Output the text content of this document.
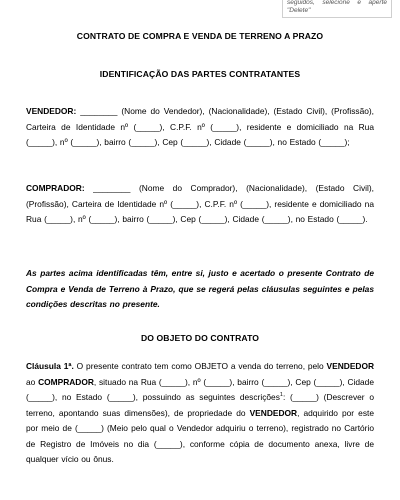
seguidos, selecione e aperte "Delete"
CONTRATO DE COMPRA E VENDA DE TERRENO A PRAZO
IDENTIFICAÇÃO DAS PARTES CONTRATANTES
VENDEDOR: ________ (Nome do Vendedor), (Nacionalidade), (Estado Civil), (Profissão), Carteira de Identidade nº (_____), C.P.F. nº (_____), residente e domiciliado na Rua (_____), nº (_____), bairro (_____), Cep (_____), Cidade (_____), no Estado (_____);
COMPRADOR: ________ (Nome do Comprador), (Nacionalidade), (Estado Civil), (Profissão), Carteira de Identidade nº (_____), C.P.F. nº (_____), residente e domiciliado na Rua (_____), nº (_____), bairro (_____), Cep (_____), Cidade (_____), no Estado (_____).
As partes acima identificadas têm, entre si, justo e acertado o presente Contrato de Compra e Venda de Terreno à Prazo, que se regerá pelas cláusulas seguintes e pelas condições descritas no presente.
DO OBJETO DO CONTRATO
Cláusula 1ª. O presente contrato tem como OBJETO a venda do terreno, pelo VENDEDOR ao COMPRADOR, situado na Rua (_____), nº (_____), bairro (_____), Cep (_____), Cidade (_____), no Estado (_____), possuindo as seguintes descrições$^1$: (_____) (Descrever o terreno, apontando suas dimensões), de propriedade do VENDEDOR, adquirido por este por meio de (_____) (Meio pelo qual o Vendedor adquiriu o terreno), registrado no Cartório de Registro de Imóveis no dia (_____), conforme cópia de documento anexa, livre de qualquer vício ou ônus.
